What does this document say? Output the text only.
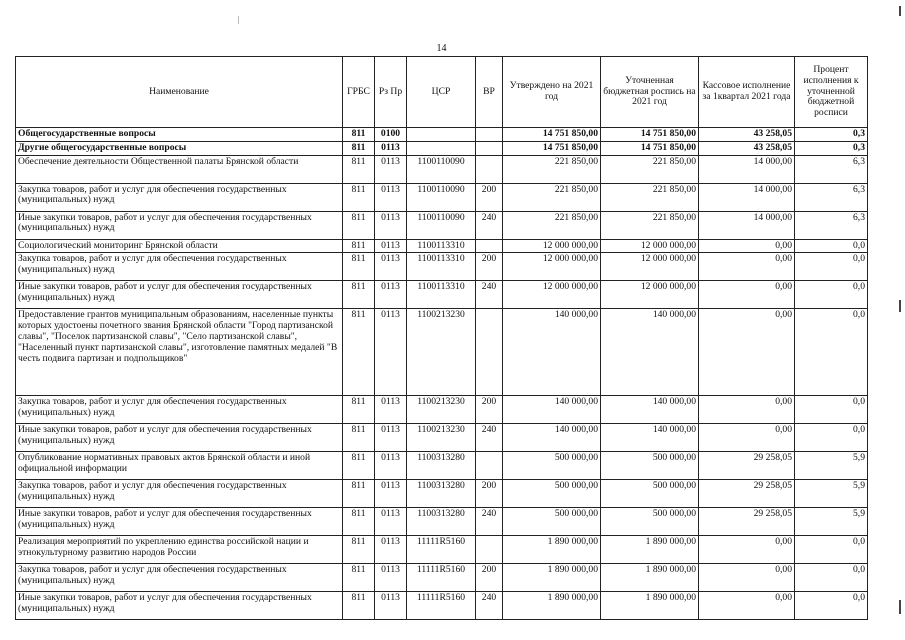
14
Наименование	ГРБС	Рз Пр	ЦСР	ВР	Утверждено на 2021 год	Уточненная бюджетная роспись на 2021 год	Кассовое исполнение за 1квартал 2021 года	Процент исполнения к уточненной бюджетной росписи
Общегосударственные вопросы	811	0100			14 751 850,00	14 751 850,00	43 258,05	0,3
Другие общегосударственные вопросы	811	0113			14 751 850,00	14 751 850,00	43 258,05	0,3
Обеспечение деятельности Общественной палаты Брянской области	811	0113	1100110090		221 850,00	221 850,00	14 000,00	6,3
Закупка товаров, работ и услуг для обеспечения государственных (муниципальных) нужд	811	0113	1100110090	200	221 850,00	221 850,00	14 000,00	6,3
Иные закупки товаров, работ и услуг для обеспечения государственных (муниципальных) нужд	811	0113	1100110090	240	221 850,00	221 850,00	14 000,00	6,3
Социологический мониторинг Брянской области	811	0113	1100113310		12 000 000,00	12 000 000,00	0,00	0,0
Закупка товаров, работ и услуг для обеспечения государственных (муниципальных) нужд	811	0113	1100113310	200	12 000 000,00	12 000 000,00	0,00	0,0
Иные закупки товаров, работ и услуг для обеспечения государственных (муниципальных) нужд	811	0113	1100113310	240	12 000 000,00	12 000 000,00	0,00	0,0
Предоставление грантов муниципальным образованиям, населенные пункты которых удостоены почетного звания Брянской области "Город партизанской славы", "Поселок партизанской славы", "Село партизанской славы", "Населенный пункт партизанской славы", изготовление памятных медалей "В честь подвига партизан и подпольщиков"	811	0113	1100213230		140 000,00	140 000,00	0,00	0,0
Закупка товаров, работ и услуг для обеспечения государственных (муниципальных) нужд	811	0113	1100213230	200	140 000,00	140 000,00	0,00	0,0
Иные закупки товаров, работ и услуг для обеспечения государственных (муниципальных) нужд	811	0113	1100213230	240	140 000,00	140 000,00	0,00	0,0
Опубликование нормативных правовых актов Брянской области и иной официальной информации	811	0113	1100313280		500 000,00	500 000,00	29 258,05	5,9
Закупка товаров, работ и услуг для обеспечения государственных (муниципальных) нужд	811	0113	1100313280	200	500 000,00	500 000,00	29 258,05	5,9
Иные закупки товаров, работ и услуг для обеспечения государственных (муниципальных) нужд	811	0113	1100313280	240	500 000,00	500 000,00	29 258,05	5,9
Реализация мероприятий по укреплению единства российской нации и этнокультурному развитию народов России	811	0113	11111R5160		1 890 000,00	1 890 000,00	0,00	0,0
Закупка товаров, работ и услуг для обеспечения государственных (муниципальных) нужд	811	0113	11111R5160	200	1 890 000,00	1 890 000,00	0,00	0,0
Иные закупки товаров, работ и услуг для обеспечения государственных (муниципальных) нужд	811	0113	11111R5160	240	1 890 000,00	1 890 000,00	0,00	0,0
